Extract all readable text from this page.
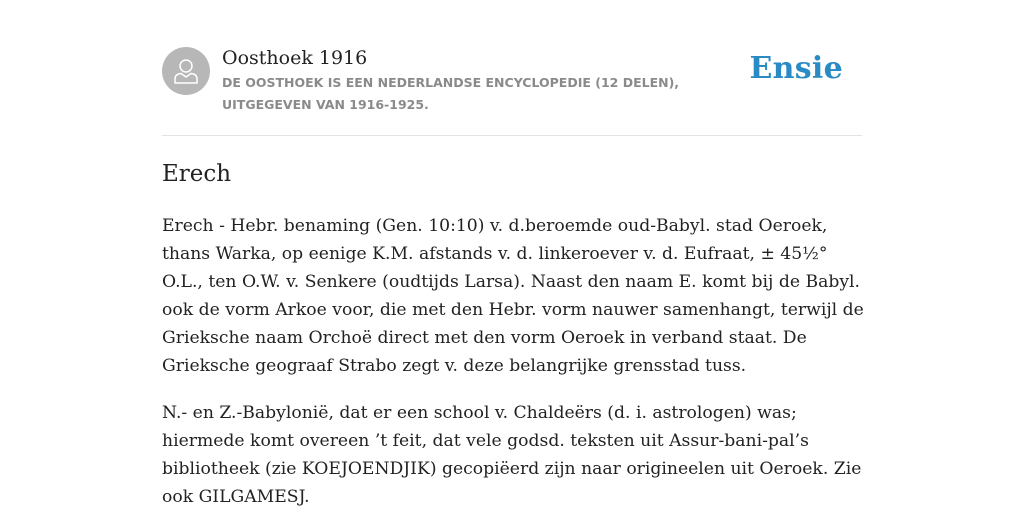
Oosthoek 1916

DE OOSTHOEK IS EEN NEDERLANDSE ENCYCLOPEDIE (12 DELEN), UITGEGEVEN VAN 1916-1925.

Ensie

Erech

Erech - Hebr. benaming (Gen. 10:10) v. d.beroemde oud-Babyl. stad Oeroek, thans Warka, op eenige K.M. afstands v. d. linkeroever v. d. Eufraat, ± 45½° O.L., ten O.W. v. Senkere (oudtijds Larsa). Naast den naam E. komt bij de Babyl. ook de vorm Arkoe voor, die met den Hebr. vorm nauwer samenhangt, terwijl de Grieksche naam Orchoë direct met den vorm Oeroek in verband staat. De Grieksche geograaf Strabo zegt v. deze belangrijke grensstad tuss.

N.- en Z.-Babylonië, dat er een school v. Chaldeërs (d. i. astrologen) was; hiermede komt overeen ’t feit, dat vele godsd. teksten uit Assur-bani-pal’s bibliotheek (zie KOEJOENDJIK) gecopiëerd zijn naar origineelen uit Oeroek. Zie ook GILGAMESJ.
